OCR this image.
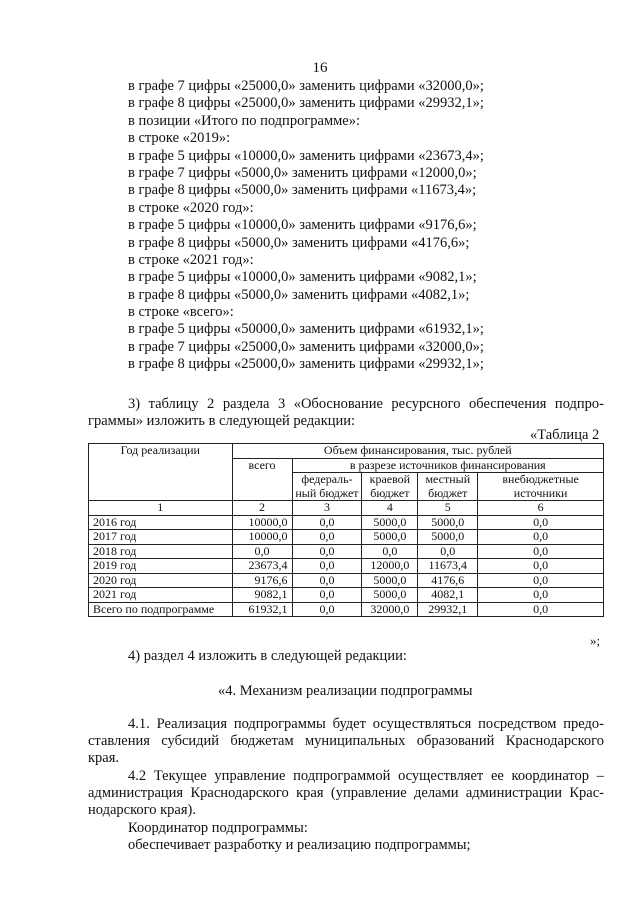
16
в графе 7 цифры «25000,0» заменить цифрами «32000,0»;
в графе 8 цифры «25000,0» заменить цифрами «29932,1»;
в позиции «Итого по подпрограмме»:
в строке «2019»:
в графе 5 цифры «10000,0» заменить цифрами «23673,4»;
в графе 7 цифры «5000,0» заменить цифрами «12000,0»;
в графе 8 цифры «5000,0» заменить цифрами «11673,4»;
в строке «2020 год»:
в графе 5 цифры «10000,0» заменить цифрами «9176,6»;
в графе 8 цифры «5000,0» заменить цифрами «4176,6»;
в строке «2021 год»:
в графе 5 цифры «10000,0» заменить цифрами «9082,1»;
в графе 8 цифры «5000,0» заменить цифрами «4082,1»;
в строке «всего»:
в графе 5 цифры «50000,0» заменить цифрами «61932,1»;
в графе 7 цифры «25000,0» заменить цифрами «32000,0»;
в графе 8 цифры «25000,0» заменить цифрами «29932,1»;
3) таблицу 2 раздела 3 «Обоснование ресурсного обеспечения подпро-
граммы» изложить в следующей редакции:
«Таблица 2
Год реализации	Объем финансирования, тыс. рублей				
	всего	в разрезе источников финансирования			
		федераль-ный бюджет	краевой бюджет	местный бюджет	внебюджетные источники
1	2	3	4	5	6
2016 год	10000,0	0,0	5000,0	5000,0	0,0
2017 год	10000,0	0,0	5000,0	5000,0	0,0
2018 год	0,0	0,0	0,0	0,0	0,0
2019 год	23673,4	0,0	12000,0	11673,4	0,0
2020 год	9176,6	0,0	5000,0	4176,6	0,0
2021 год	9082,1	0,0	5000,0	4082,1	0,0
Всего по подпрограмме	61932,1	0,0	32000,0	29932,1	0,0
»;
4) раздел 4 изложить в следующей редакции:
«4. Механизм реализации подпрограммы
4.1. Реализация подпрограммы будет осуществляться посредством предо-
ставления субсидий бюджетам муниципальных образований Краснодарского
края.
4.2 Текущее управление подпрограммой осуществляет ее координатор –
администрация Краснодарского края (управление делами администрации Крас-
нодарского края).
Координатор подпрограммы:
обеспечивает разработку и реализацию подпрограммы;
